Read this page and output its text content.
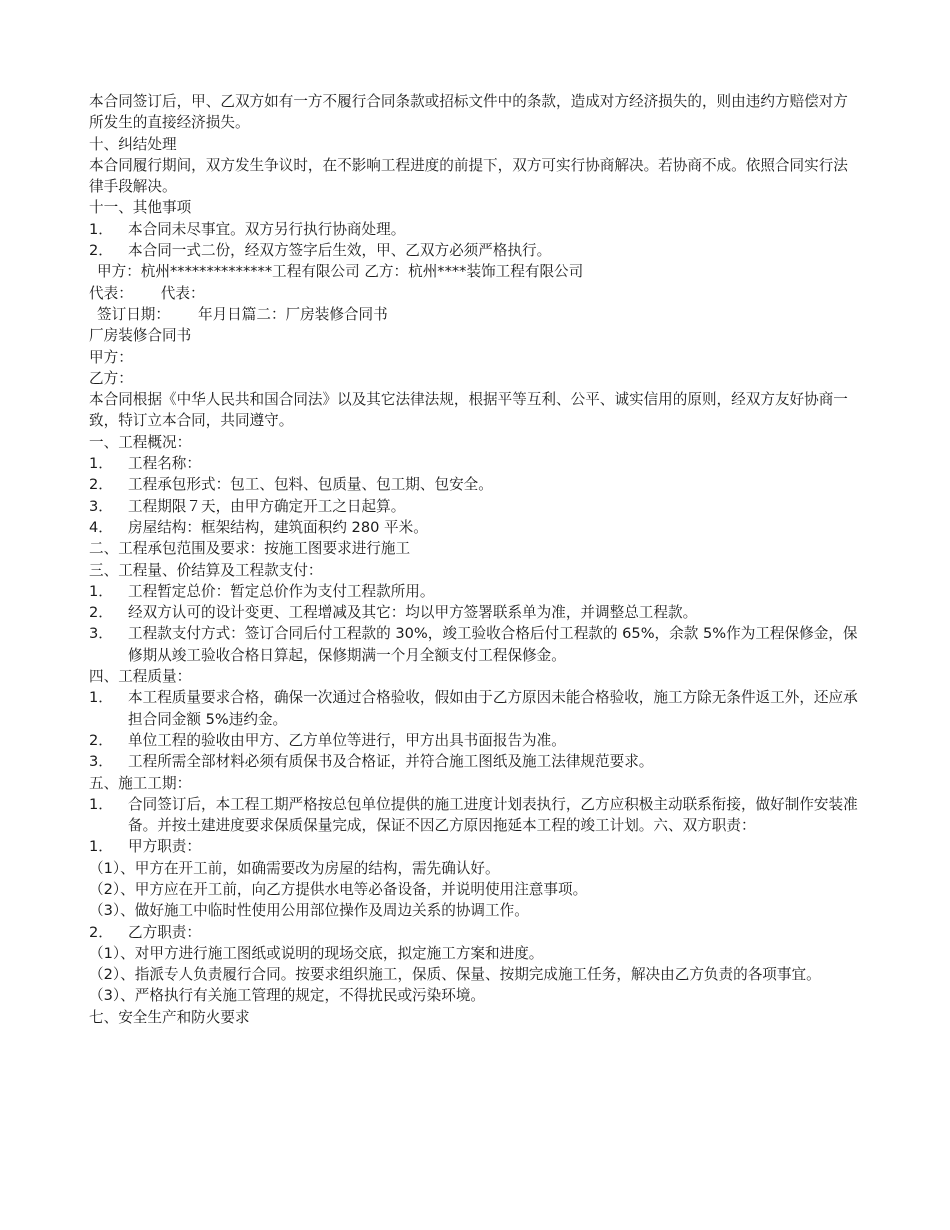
本合同签订后，甲、乙双方如有一方不履行合同条款或招标文件中的条款，造成对方经济损失的，则由违约方赔偿对方所发生的直接经济损失。

十、纠结处理

本合同履行期间，双方发生争议时，在不影响工程进度的前提下，双方可实行协商解决。若协商不成。依照合同实行法律手段解决。

十一、其他事项

1．	本合同未尽事宜。双方另行执行协商处理。
2．	本合同一式二份，经双方签字后生效，甲、乙双方必须严格执行。

甲方：杭州**************工程有限公司 乙方：杭州****装饰工程有限公司

代表： 代表：

签订日期： 年月日篇二：厂房装修合同书

厂房装修合同书

甲方：

乙方：

本合同根据《中华人民共和国合同法》以及其它法律法规，根据平等互利、公平、诚实信用的原则，经双方友好协商一致，特订立本合同，共同遵守。

一、工程概况：

1．	工程名称：
2．	工程承包形式：包工、包料、包质量、包工期、包安全。
3．	工程期限７天，由甲方确定开工之日起算。
4．	房屋结构：框架结构，建筑面积约 280 平米。

二、工程承包范围及要求：按施工图要求进行施工

三、工程量、价结算及工程款支付：

1．	工程暂定总价：暂定总价作为支付工程款所用。
2．	经双方认可的设计变更、工程增减及其它：均以甲方签署联系单为准，并调整总工程款。
3．	工程款支付方式：签订合同后付工程款的 30%，竣工验收合格后付工程款的 65%，余款 5%作为工程保修金，保修期从竣工验收合格日算起，保修期满一个月全额支付工程保修金。

四、工程质量：

1．	本工程质量要求合格，确保一次通过合格验收，假如由于乙方原因未能合格验收，施工方除无条件返工外，还应承担合同金额 5%违约金。
2．	单位工程的验收由甲方、乙方单位等进行，甲方出具书面报告为准。
3．	工程所需全部材料必须有质保书及合格证，并符合施工图纸及施工法律规范要求。

五、施工工期：

1．	合同签订后，本工程工期严格按总包单位提供的施工进度计划表执行，乙方应积极主动联系衔接，做好制作安装准备。并按土建进度要求保质保量完成，保证不因乙方原因拖延本工程的竣工计划。六、双方职责：
1．	甲方职责：

（1）、甲方在开工前，如确需要改为房屋的结构，需先确认好。

（2）、甲方应在开工前，向乙方提供水电等必备设备，并说明使用注意事项。

（3）、做好施工中临时性使用公用部位操作及周边关系的协调工作。

2．	乙方职责：

（1）、对甲方进行施工图纸或说明的现场交底，拟定施工方案和进度。

（2）、指派专人负责履行合同。按要求组织施工，保质、保量、按期完成施工任务，解决由乙方负责的各项事宜。

（3）、严格执行有关施工管理的规定，不得扰民或污染环境。

七、安全生产和防火要求
